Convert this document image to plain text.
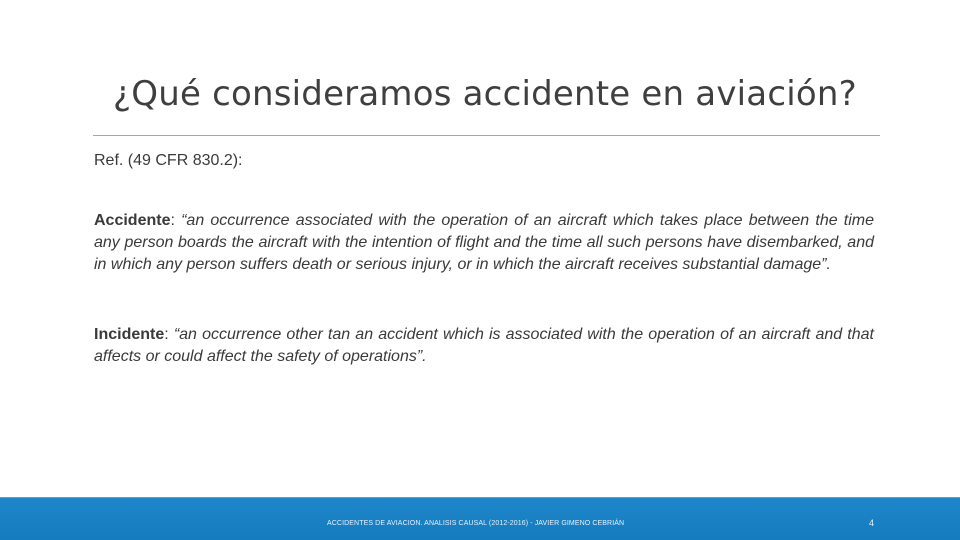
¿Qué consideramos accidente en aviación?

Ref. (49 CFR 830.2):

Accidente: “an occurrence associated with the operation of an aircraft which takes place between the time any person boards the aircraft with the intention of flight and the time all such persons have disembarked, and in which any person suffers death or serious injury, or in which the aircraft receives substantial damage”.

Incidente: “an occurrence other tan an accident which is associated with the operation of an aircraft and that affects or could affect the safety of operations”.

ACCIDENTES DE AVIACION. ANALISIS CAUSAL (2012-2016) - JAVIER GIMENO CEBRIÁN	4
